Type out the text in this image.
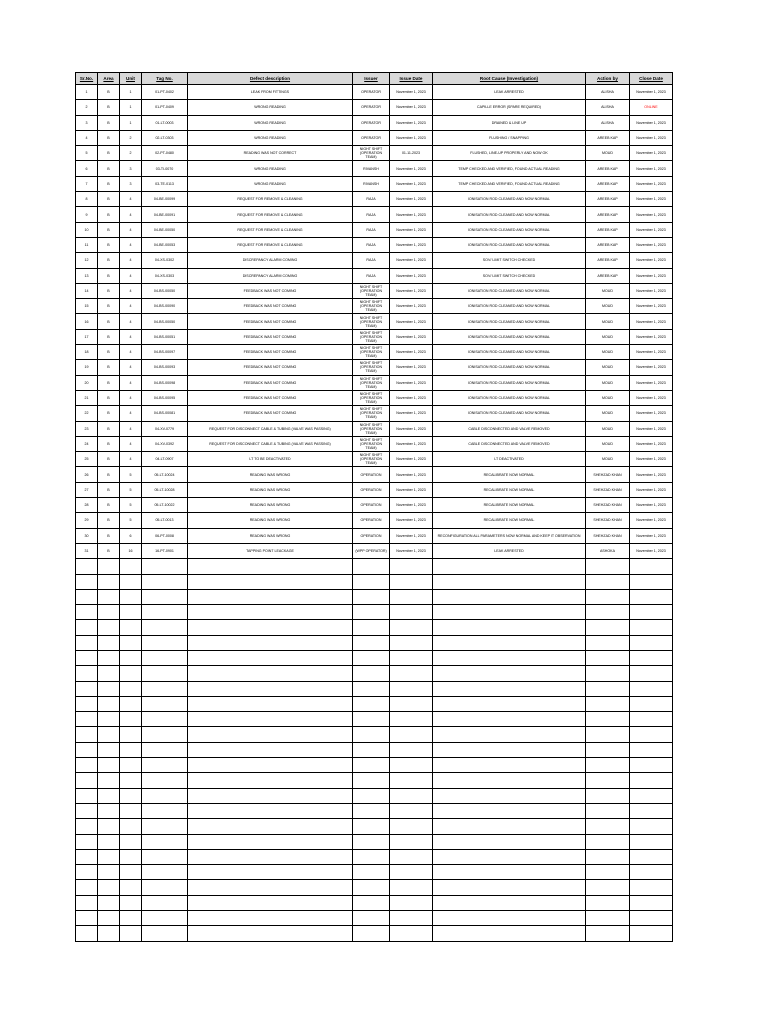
Sr.No.	Area	Unit	Tag No.	Defect description	Issuer	Issue Date	Root Cause (Investigation)	Action by	Close Date
1	B	1	01-PT-0402	LEAK FROM FITTINGS	OPERATOR	November 1, 2023	LEAK ARRESTED	ALISHA	November 1, 2023
2	B	1	01-PT-0409	WRONG READING	OPERATOR	November 1, 2023	CAPILLE ERROR (SPARE REQUIRED)	ALISHA	ONLINE
3	B	1	01-LT-0003	WRONG READING	OPERATOR	November 1, 2023	DRAINED & LINE UP	ALISHA	November 1, 2023
4	B	2	02-LT-0303	WRONG READING	OPERATOR	November 1, 2023	FLUSHING / SNAPPING	AREEB KAP	November 1, 2023
5	B	2	02-PT-0480	READING WAS NOT CORRECT	NIGHT SHIFT (OPERATION TEAM)	01-11-2023	FLUSHED, LINE-UP PROPERLY AND NOW OK	MOUD	November 1, 2023
6	B	3	03-TI-0070	WRONG READING	RIVANSH	November 1, 2023	TEMP CHECKED AND VERIFIED, FOUND ACTUAL READING	AREEB KAP	November 1, 2023
7	B	3	03-TE-0113	WRONG READING	RIVANSH	November 1, 2023	TEMP CHECKED AND VERIFIED, FOUND ACTUAL READING	AREEB KAP	November 1, 2023
8	B	4	04-BE-00099	REQUEST FOR REMOVE & CLEANING	RAJA	November 1, 2023	IONISATION ROD CLEANED AND NOW NORMAL	AREEB KAP	November 1, 2023
9	B	4	04-BE-00091	REQUEST FOR REMOVE & CLEANING	RAJA	November 1, 2023	IONISATION ROD CLEANED AND NOW NORMAL	AREEB KAP	November 1, 2023
10	B	4	04-BE-00050	REQUEST FOR REMOVE & CLEANING	RAJA	November 1, 2023	IONISATION ROD CLEANED AND NOW NORMAL	AREEB KAP	November 1, 2023
11	B	4	04-BE-00053	REQUEST FOR REMOVE & CLEANING	RAJA	November 1, 2023	IONISATION ROD CLEANED AND NOW NORMAL	AREEB KAP	November 1, 2023
12	B	4	04-XS-0302	DISCREPANCY ALARM COMING	RAJA	November 1, 2023	SOV/ LIMIT SWITCH CHECKED	AREEB KAP	November 1, 2023
13	B	4	04-XS-0303	DISCREPANCY ALARM COMING	RAJA	November 1, 2023	SOV/ LIMIT SWITCH CHECKED	AREEB KAP	November 1, 2023
14	B	4	04-BS-00050	FEEDBACK WAS NOT COMING	NIGHT SHIFT (OPERATION TEAM)	November 1, 2023	IONISATION ROD CLEANED AND NOW NORMAL	MOUD	November 1, 2023
15	B	4	04-BS-00090	FEEDBACK WAS NOT COMING	NIGHT SHIFT (OPERATION TEAM)	November 1, 2023	IONISATION ROD CLEANED AND NOW NORMAL	MOUD	November 1, 2023
16	B	4	04-BS-00050	FEEDBACK WAS NOT COMING	NIGHT SHIFT (OPERATION TEAM)	November 1, 2023	IONISATION ROD CLEANED AND NOW NORMAL	MOUD	November 1, 2023
17	B	4	04-BS-00051	FEEDBACK WAS NOT COMING	NIGHT SHIFT (OPERATION TEAM)	November 1, 2023	IONISATION ROD CLEANED AND NOW NORMAL	MOUD	November 1, 2023
18	B	4	04-BS-00097	FEEDBACK WAS NOT COMING	NIGHT SHIFT (OPERATION TEAM)	November 1, 2023	IONISATION ROD CLEANED AND NOW NORMAL	MOUD	November 1, 2023
19	B	4	04-BS-00093	FEEDBACK WAS NOT COMING	NIGHT SHIFT (OPERATION TEAM)	November 1, 2023	IONISATION ROD CLEANED AND NOW NORMAL	MOUD	November 1, 2023
20	B	4	04-BS-00098	FEEDBACK WAS NOT COMING	NIGHT SHIFT (OPERATION TEAM)	November 1, 2023	IONISATION ROD CLEANED AND NOW NORMAL	MOUD	November 1, 2023
21	B	4	04-BS-00095	FEEDBACK WAS NOT COMING	NIGHT SHIFT (OPERATION TEAM)	November 1, 2023	IONISATION ROD CLEANED AND NOW NORMAL	MOUD	November 1, 2023
22	B	4	04-BS-00081	FEEDBACK WAS NOT COMING	NIGHT SHIFT (OPERATION TEAM)	November 1, 2023	IONISATION ROD CLEANED AND NOW NORMAL	MOUD	November 1, 2023
23	B	4	04-XV-0779	REQUEST FOR DISCONNECT CABLE & TUBING (VALVE WAS PASSING)	NIGHT SHIFT (OPERATION TEAM)	November 1, 2023	CABLE DISCONNECTED AND VALVE REMOVED	MOUD	November 1, 2023
24	B	4	04-XV-0392	REQUEST FOR DISCONNECT CABLE & TUBING (VALVE WAS PASSING)	NIGHT SHIFT (OPERATION TEAM)	November 1, 2023	CABLE DISCONNECTED AND VALVE REMOVED	MOUD	November 1, 2023
25	B	4	04-LT-0907	LT TO BE DEACTIVATED	NIGHT SHIFT (OPERATION TEAM)	November 1, 2023	LT DEACTIVATED	MOUD	November 1, 2023
26	B	5	05-LT-10024	READING WAS WRONG	OPERATION	November 1, 2023	RECALIBRATE NOW NORMAL	SHEHZAD KHAN	November 1, 2023
27	B	5	05-LT-10028	READING WAS WRONG	OPERATION	November 1, 2023	RECALIBRATE NOW NORMAL	SHEHZAD KHAN	November 1, 2023
28	B	5	05-LT-10022	READING WAS WRONG	OPERATION	November 1, 2023	RECALIBRATE NOW NORMAL	SHEHZAD KHAN	November 1, 2023
29	B	5	05-LT-0013	READING WAS WRONG	OPERATION	November 1, 2023	RECALIBRATE NOW NORMAL	SHEHZAD KHAN	November 1, 2023
30	B	6	06-PT-0008	READING WAS WRONG	OPERATION	November 1, 2023	RECONFIGURATION ALL PARAMETERS NOW NORMAL AND KEEP IT OBSERVATION	SHEHZAD KHAN	November 1, 2023
31	B	16	16-PT-0901	TAPPING POINT LEACKAGE	(WPP OPERATOR)	November 1, 2023	LEAK ARRESTED	ASHOKA	November 1, 2023
